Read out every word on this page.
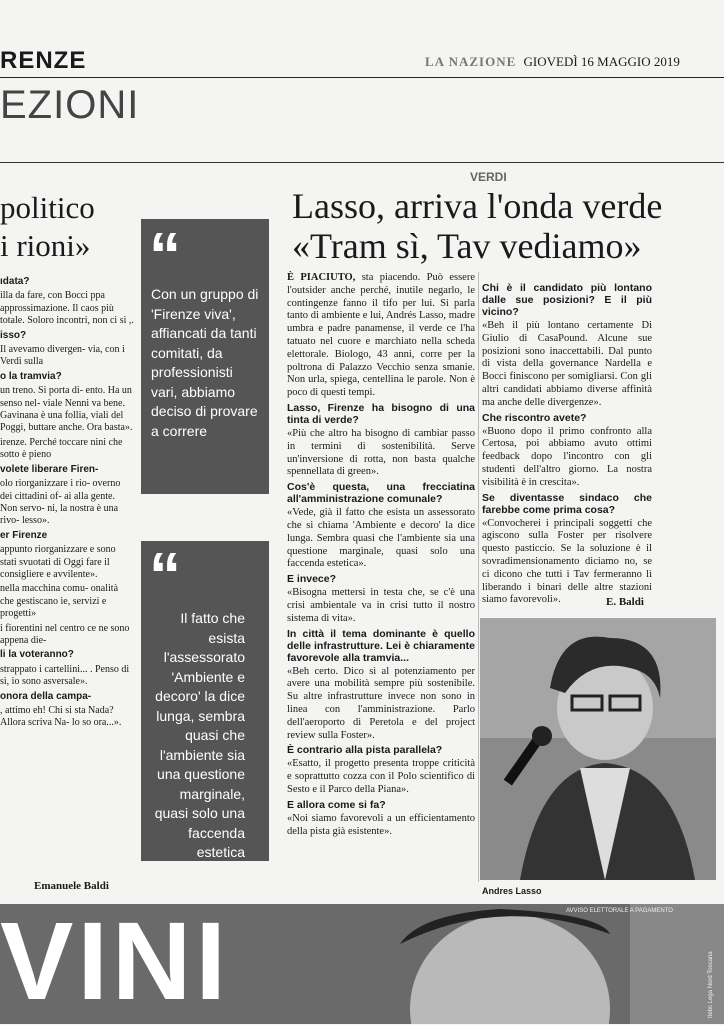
RENZE	LA NAZIONE GIOVEDÌ 16 MAGGIO 2019
EZIONI
politico
i rioni»

ıdata?

illa da fare, con Bocci ppa approssimazione. Il caos più totale. Soloro incontri, non ci si ,.

isso?

Il avevamo divergen- via, con i Verdi sulla

o la tramvia?

un treno. Si porta di- ento. Ha un senso nel- viale Nenni va bene. Gavinana è una follia, viali del Poggi, buttare anche. Ora basta».

irenze. Perché toccare nini che sotto è pieno

volete liberare Firen-

olo riorganizzare i rio- overno dei cittadini of- ai alla gente. Non servo- ni, la nostra è una rivo- lesso».

er Firenze

appunto riorganizzare e sono stati svuotati di Oggi fare il consigliere e avvilente».

nella macchina comu- onalità che gestiscano ie, servizi e progetti»

i fiorentini nel centro ce ne sono appena die-

li la voteranno?

strappato i cartellini... . Penso di sì, io sono asversale».

onora della campa-

, attimo eh! Chi si sta Nada? Allora scriva Na- lo so ora...».

Emanuele Baldi
“
Con un gruppo di 'Firenze viva', affiancati da tanti comitati, da professionisti vari, abbiamo deciso di provare a correre
“
Il fatto che esista l'assessorato 'Ambiente e decoro' la dice lunga, sembra quasi che l'ambiente sia una questione marginale, quasi solo una faccenda estetica
VERDI
Lasso, arriva l'onda verde
«Tram sì, Tav vediamo»

È PIACIUTO, sta piacendo. Può essere l'outsider anche perché, inutile negarlo, le contingenze fanno il tifo per lui. Si parla tanto di ambiente e lui, Andrés Lasso, madre umbra e padre panamense, il verde ce l'ha tatuato nel cuore e marchiato nella scheda elettorale. Biologo, 43 anni, corre per la poltrona di Palazzo Vecchio senza smanie. Non urla, spiega, centellina le parole. Non è poco di questi tempi.

Lasso, Firenze ha bisogno di una tinta di verde?

«Più che altro ha bisogno di cambiar passo in termini di sostenibilità. Serve un'inversione di rotta, non basta qualche spennellata di green».

Cos'è questa, una frecciatina all'amministrazione comunale?

«Vede, già il fatto che esista un assessorato che si chiama 'Ambiente e decoro' la dice lunga. Sembra quasi che l'ambiente sia una questione marginale, quasi solo una faccenda estetica».

E invece?

«Bisogna mettersi in testa che, se c'è una crisi ambientale va in crisi tutto il nostro sistema di vita».

In città il tema dominante è quello delle infrastrutture. Lei è chiaramente favorevole alla tramvia...

«Beh certo. Dico sì al potenziamento per avere una mobilità sempre più sostenibile. Su altre infrastrutture invece non sono in linea con l'amministrazione. Parlo dell'aeroporto di Peretola e del project review sulla Foster».

È contrario alla pista parallela?

«Esatto, il progetto presenta troppe criticità e soprattutto cozza con il Polo scientifico di Sesto e il Parco della Piana».

E allora come si fa?

«Noi siamo favorevoli a un efficientamento della pista già esistente».

Chi è il candidato più lontano dalle sue posizioni? E il più vicino?

«Beh il più lontano certamente Di Giulio di CasaPound. Alcune sue posizioni sono inaccettabili. Dal punto di vista della governance Nardella e Bocci finiscono per somigliarsi. Con gli altri candidati abbiamo diverse affinità ma anche delle divergenze».

Che riscontro avete?

«Buono dopo il primo confronto alla Certosa, poi abbiamo avuto ottimi feedback dopo l'incontro con gli studenti dell'altro giorno. La nostra visibilità è in crescita».

Se diventasse sindaco che farebbe come prima cosa?

«Convocherei i principali soggetti che agiscono sulla Foster per risolvere questo pasticcio. Se la soluzione è il sovradimensionamento diciamo no, se ci dicono che tutti i Tav fermeranno lì liberando i binari delle altre stazioni siamo favorevoli».	E. Baldi
Andres Lasso
VINI	AVVISO ELETTORALE A PAGAMENTO
ttebc Lega Nord Toscana
